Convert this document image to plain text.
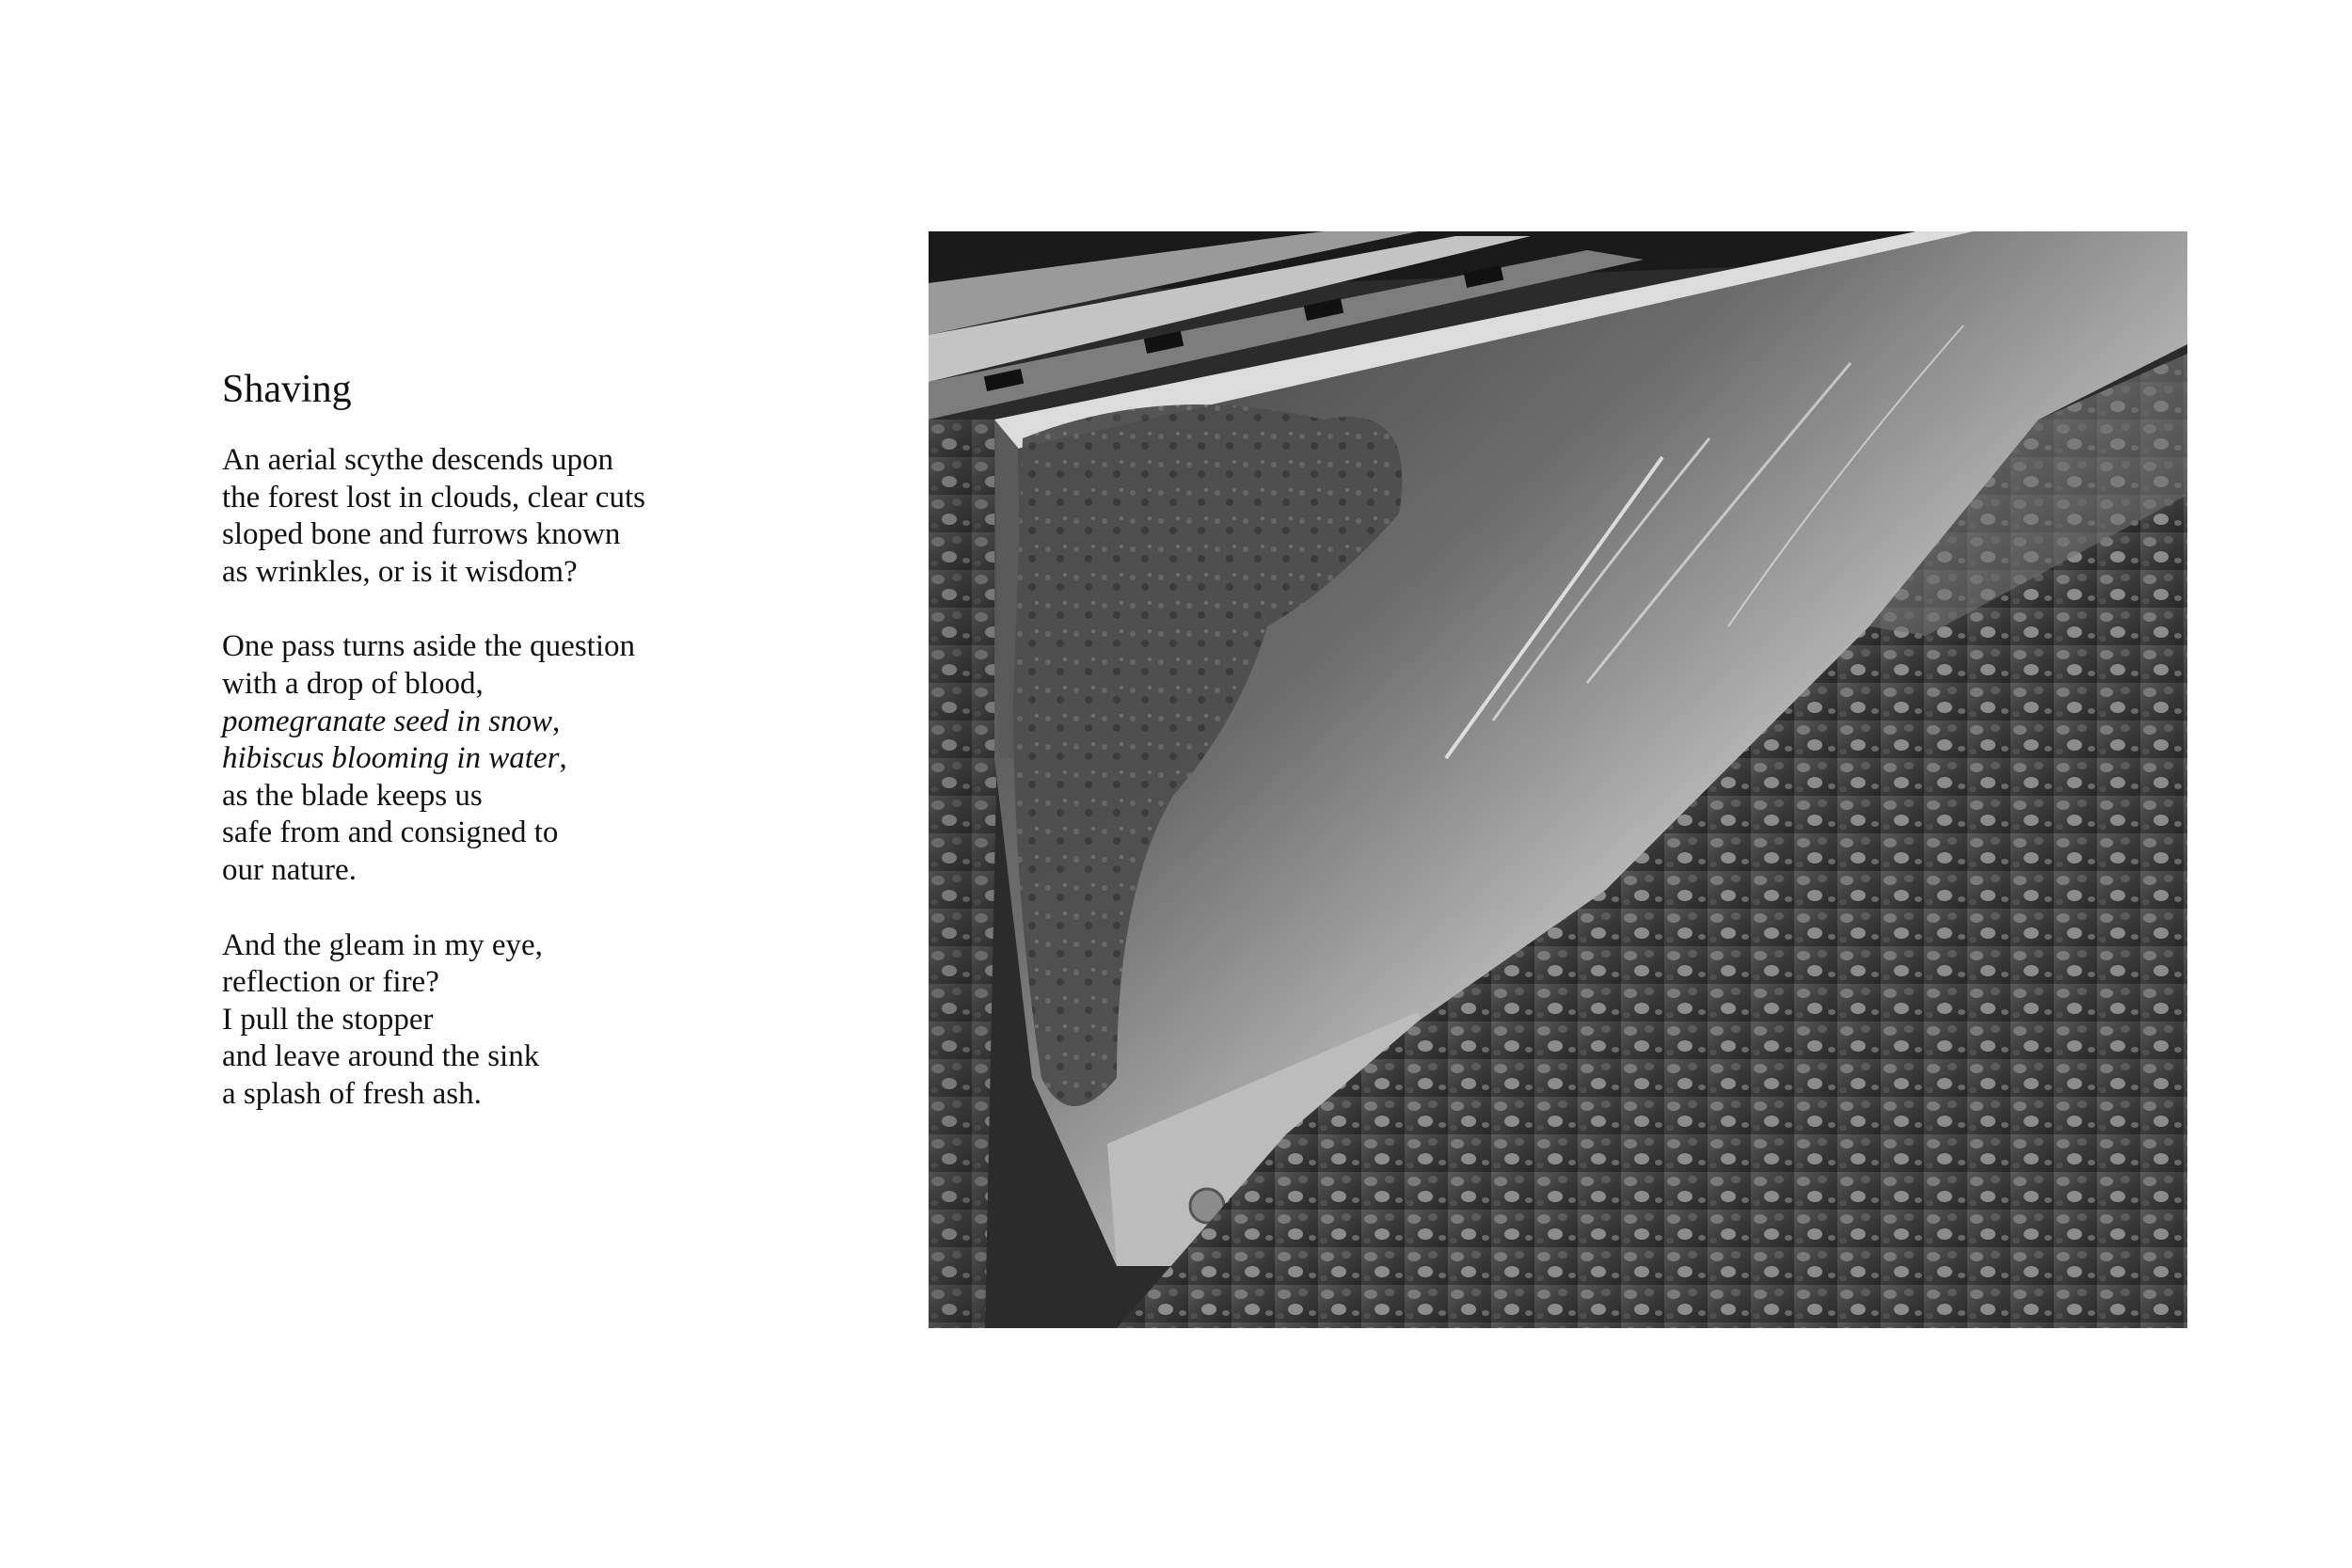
Shaving
An aerial scythe descends upon
the forest lost in clouds, clear cuts
sloped bone and furrows known
as wrinkles, or is it wisdom?
One pass turns aside the question
with a drop of blood,
pomegranate seed in snow,
hibiscus blooming in water,
as the blade keeps us
safe from and consigned to
our nature.
And the gleam in my eye,
reflection or fire?
I pull the stopper
and leave around the sink
a splash of fresh ash.
